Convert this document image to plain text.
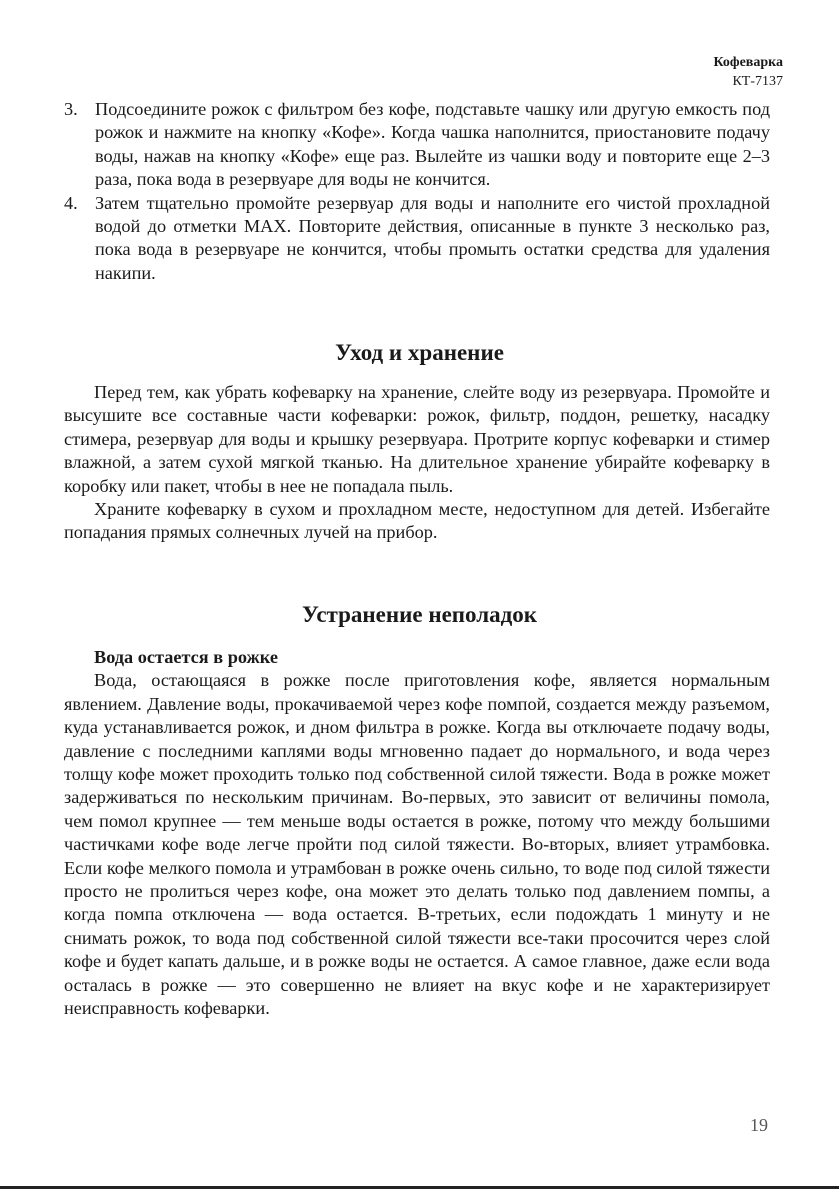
Кофеварка
КТ-7137
3. Подсоедините рожок с фильтром без кофе, подставьте чашку или другую емкость под рожок и нажмите на кнопку «Кофе». Когда чашка наполнится, приостановите подачу воды, нажав на кнопку «Кофе» еще раз. Вылейте из чашки воду и повторите еще 2–3 раза, пока вода в резервуаре для воды не кончится.
4. Затем тщательно промойте резервуар для воды и наполните его чистой прохладной водой до отметки MAX. Повторите действия, описанные в пункте 3 несколько раз, пока вода в резервуаре не кончится, чтобы промыть остатки средства для удаления накипи.
Уход и хранение

Перед тем, как убрать кофеварку на хранение, слейте воду из резервуара. Промойте и высушите все составные части кофеварки: рожок, фильтр, поддон, решетку, насадку стимера, резервуар для воды и крышку резервуара. Протрите корпус кофеварки и стимер влажной, а затем сухой мягкой тканью. На длительное хранение убирайте кофеварку в коробку или пакет, чтобы в нее не попадала пыль.

Храните кофеварку в сухом и прохладном месте, недоступном для детей. Избегайте попадания прямых солнечных лучей на прибор.

Устранение неполадок
Вода остается в рожке

Вода, остающаяся в рожке после приготовления кофе, является нормальным явлением. Давление воды, прокачиваемой через кофе помпой, создается между разъемом, куда устанавливается рожок, и дном фильтра в рожке. Когда вы отключаете подачу воды, давление с последними каплями воды мгновенно падает до нормального, и вода через толщу кофе может проходить только под собственной силой тяжести. Вода в рожке может задерживаться по нескольким причинам. Во-первых, это зависит от величины помола, чем помол крупнее — тем меньше воды остается в рожке, потому что между большими частичками кофе воде легче пройти под силой тяжести. Во-вторых, влияет утрамбовка. Если кофе мелкого помола и утрамбован в рожке очень сильно, то воде под силой тяжести просто не пролиться через кофе, она может это делать только под давлением помпы, а когда помпа отключена — вода остается. В-третьих, если подождать 1 минуту и не снимать рожок, то вода под собственной силой тяжести все-таки просочится через слой кофе и будет капать дальше, и в рожке воды не остается. А самое главное, даже если вода осталась в рожке — это совершенно не влияет на вкус кофе и не характеризирует неисправность кофеварки.

19
